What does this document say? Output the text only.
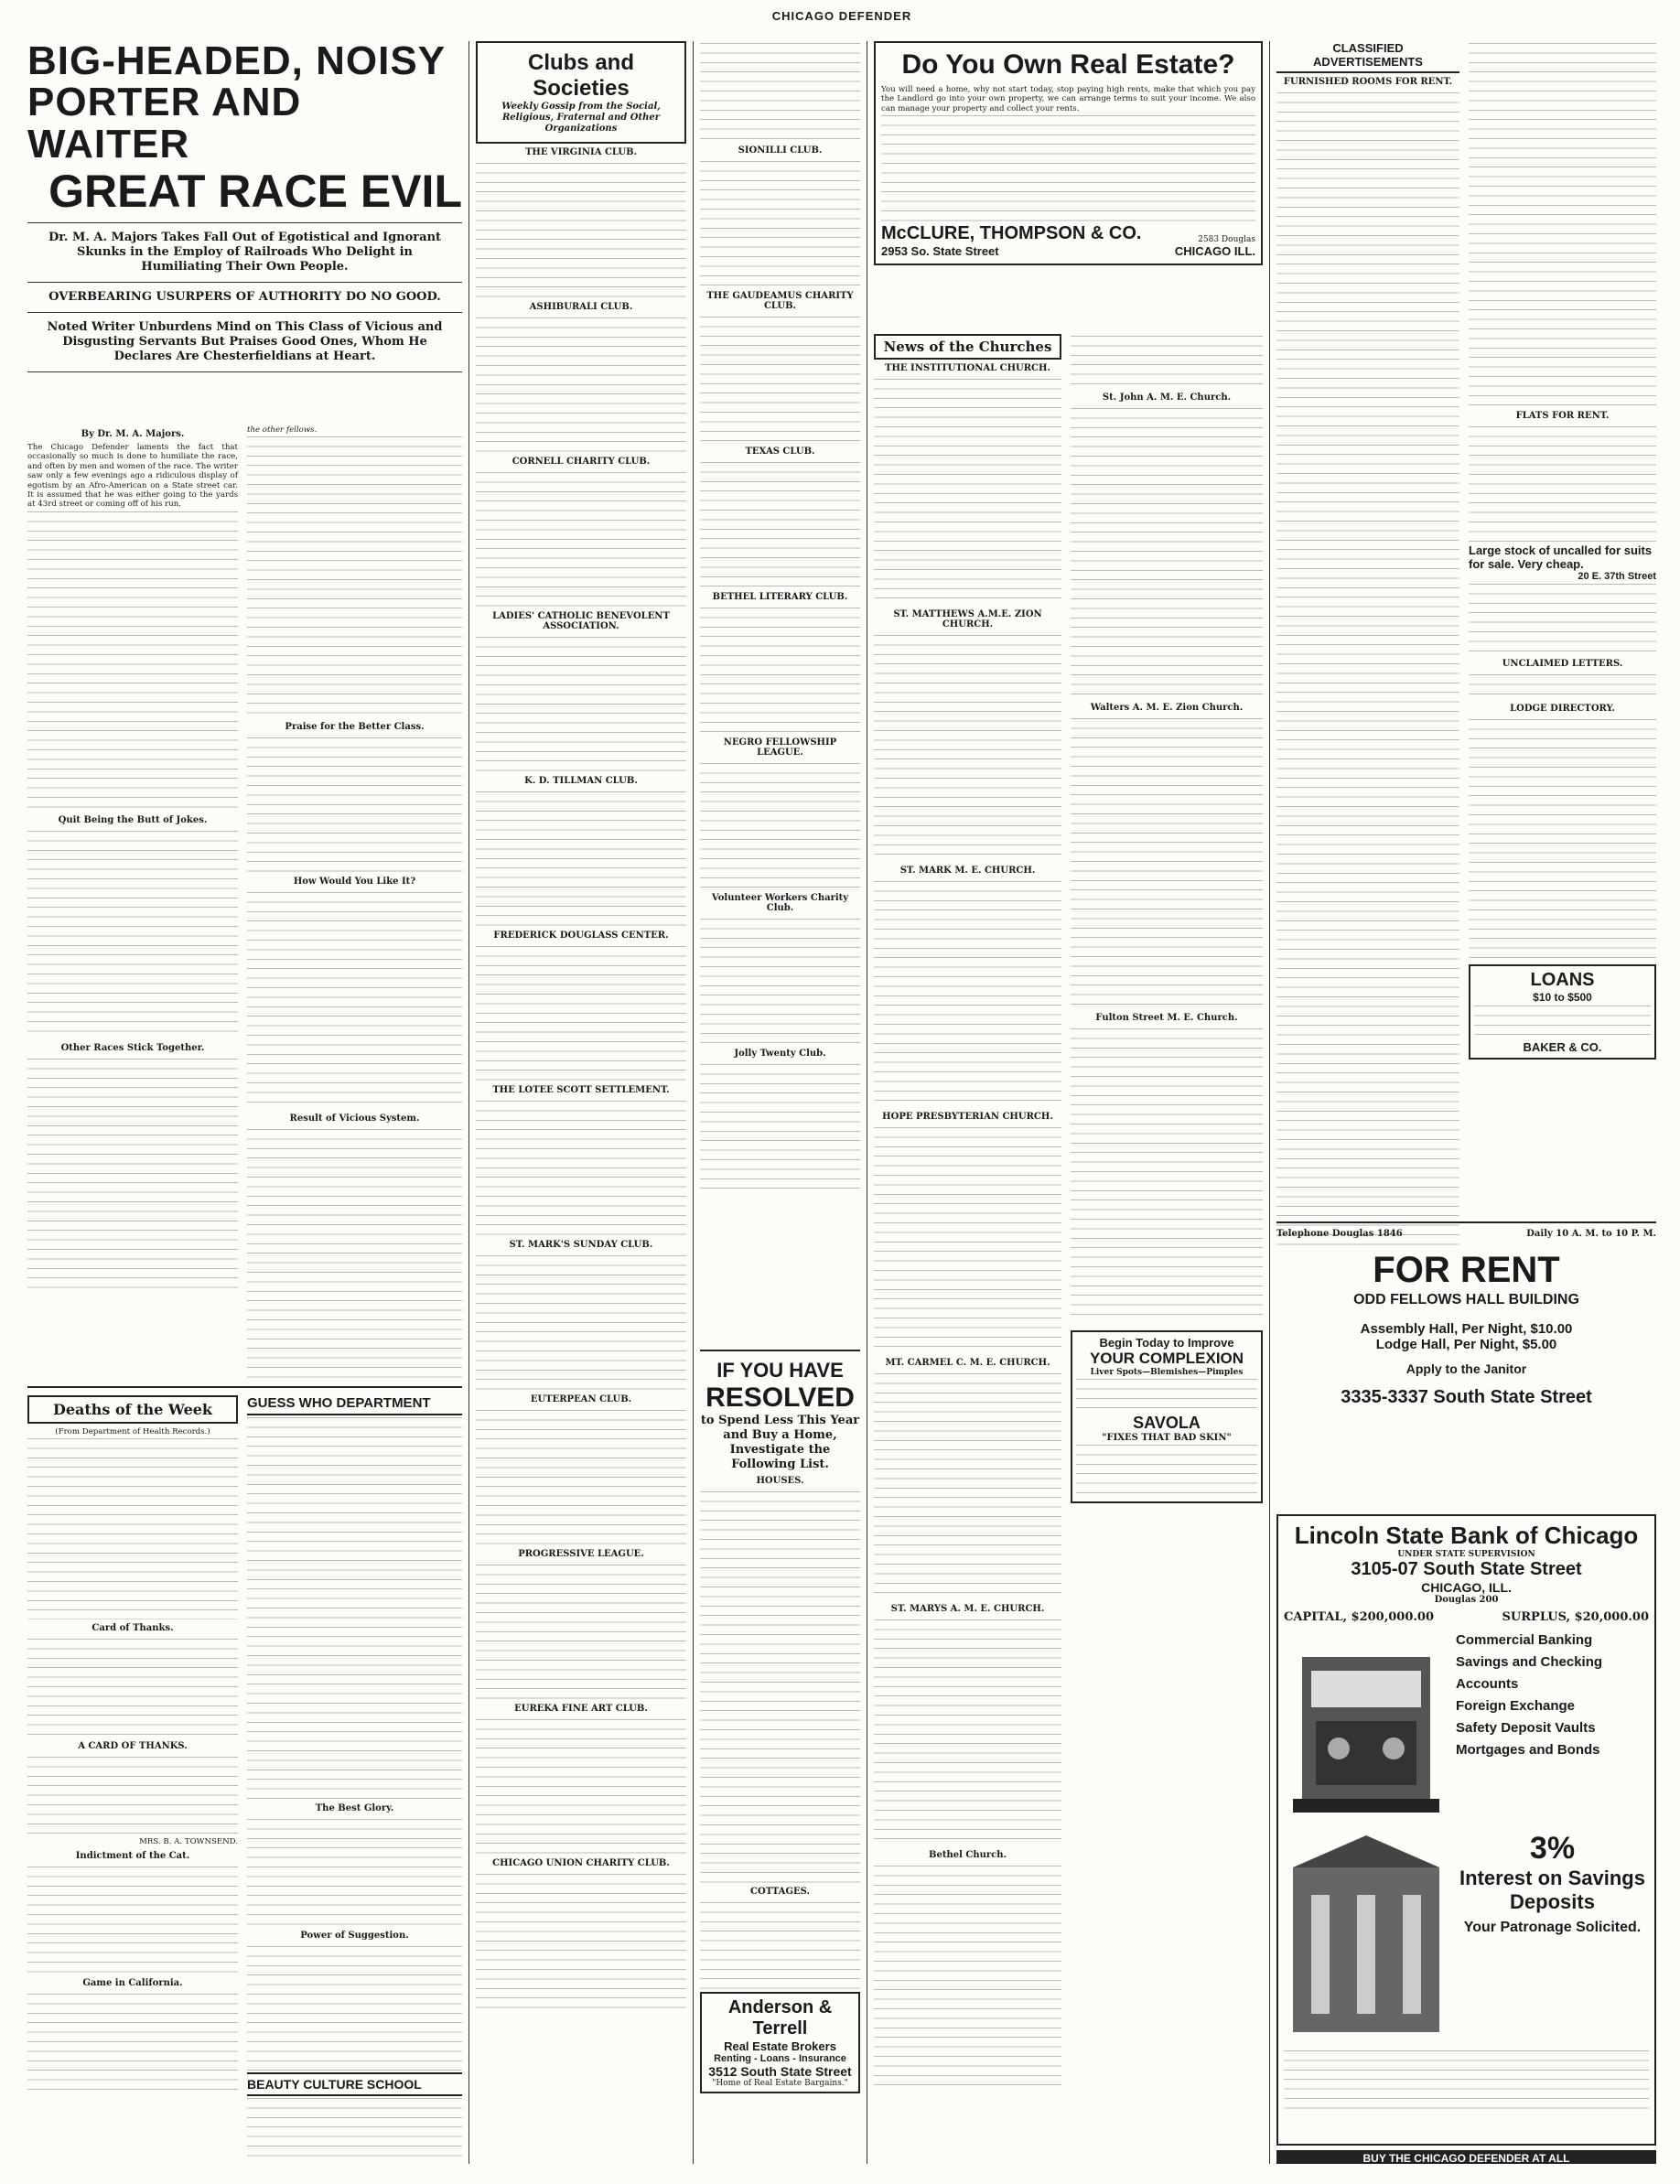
CHICAGO DEFENDER
BIG-HEADED, NOISY
PORTER AND WAITER
GREAT RACE EVIL
Dr. M. A. Majors Takes Fall Out of Egotistical and Ignorant Skunks in the Employ of Railroads Who Delight in Humiliating Their Own People.
OVERBEARING USURPERS OF AUTHORITY DO NO GOOD.
Noted Writer Unburdens Mind on This Class of Vicious and Disgusting Servants But Praises Good Ones, Whom He Declares Are Chesterfieldians at Heart.
By Dr. M. A. Majors.
The Chicago Defender laments the fact that occasionally so much is done to humiliate the race, and often by men and women of the race. The writer saw only a few evenings ago a ridiculous display of egotism by an Afro-American on a State street car. It is assumed that he was either going to the yards at 43rd street or coming off of his run.
Quit Being the Butt of Jokes.
Other Races Stick Together.
the other fellows.
Praise for the Better Class.
How Would You Like It?
Result of Vicious System.
Deaths of the Week
(From Department of Health Records.)
Card of Thanks.
A CARD OF THANKS.
MRS. B. A. TOWNSEND.
Indictment of the Cat.
Game in California.
GUESS WHO DEPARTMENT
The Best Glory.
Power of Suggestion.
BEAUTY CULTURE SCHOOL
Clubs and Societies
Weekly Gossip from the Social, Religious, Fraternal and Other Organizations
THE VIRGINIA CLUB.
ASHIBURALI CLUB.
CORNELL CHARITY CLUB.
LADIES' CATHOLIC BENEVOLENT ASSOCIATION.
K. D. TILLMAN CLUB.
FREDERICK DOUGLASS CENTER.
THE LOTEE SCOTT SETTLEMENT.
ST. MARK'S SUNDAY CLUB.
EUTERPEAN CLUB.
PROGRESSIVE LEAGUE.
EUREKA FINE ART CLUB.
CHICAGO UNION CHARITY CLUB.
SIONILLI CLUB.
THE GAUDEAMUS CHARITY CLUB.
TEXAS CLUB.
BETHEL LITERARY CLUB.
NEGRO FELLOWSHIP LEAGUE.
Volunteer Workers Charity Club.
Jolly Twenty Club.
IF YOU HAVE
RESOLVED
to Spend Less This Year and Buy a Home, Investigate the Following List.
HOUSES.
COTTAGES.
Anderson & Terrell
Real Estate Brokers
Renting - Loans - Insurance
3512 South State Street
"Home of Real Estate Bargains."
Do You Own Real Estate?
You will need a home, why not start today, stop paying high rents, make that which you pay the Landlord go into your own property, we can arrange terms to suit your income. We also can manage your property and collect your rents.
McCLURE, THOMPSON & CO.	2583 Douglas
2953 So. State Street	CHICAGO ILL.
News of the Churches
THE INSTITUTIONAL CHURCH.
ST. MATTHEWS A.M.E. ZION CHURCH.
ST. MARK M. E. CHURCH.
HOPE PRESBYTERIAN CHURCH.
MT. CARMEL C. M. E. CHURCH.
ST. MARYS A. M. E. CHURCH.
Bethel Church.
St. John A. M. E. Church.
Walters A. M. E. Zion Church.
Fulton Street M. E. Church.
Begin Today to Improve
YOUR COMPLEXION
Liver Spots—Blemishes—Pimples
SAVOLA
"FIXES THAT BAD SKIN"
CLASSIFIED ADVERTISEMENTS
FURNISHED ROOMS FOR RENT.
FLATS FOR RENT.
Large stock of uncalled for suits for sale. Very cheap.
20 E. 37th Street
UNCLAIMED LETTERS.
LODGE DIRECTORY.
LOANS
$10 to $500
BAKER & CO.
Telephone Douglas 1846	Daily 10 A. M. to 10 P. M.
FOR RENT
ODD FELLOWS HALL BUILDING
Assembly Hall, Per Night, $10.00
Lodge Hall, Per Night, $5.00
Apply to the Janitor
3335-3337 South State Street
Lincoln State Bank of Chicago
UNDER STATE SUPERVISION
3105-07 South State Street
CHICAGO, ILL.
Douglas 200
CAPITAL, $200,000.00	SURPLUS, $20,000.00
Commercial Banking
Savings and Checking Accounts
Foreign Exchange
Safety Deposit Vaults
Mortgages and Bonds
3%
Interest on Savings Deposits
Your Patronage Solicited.
BUY THE CHICAGO DEFENDER AT ALL
